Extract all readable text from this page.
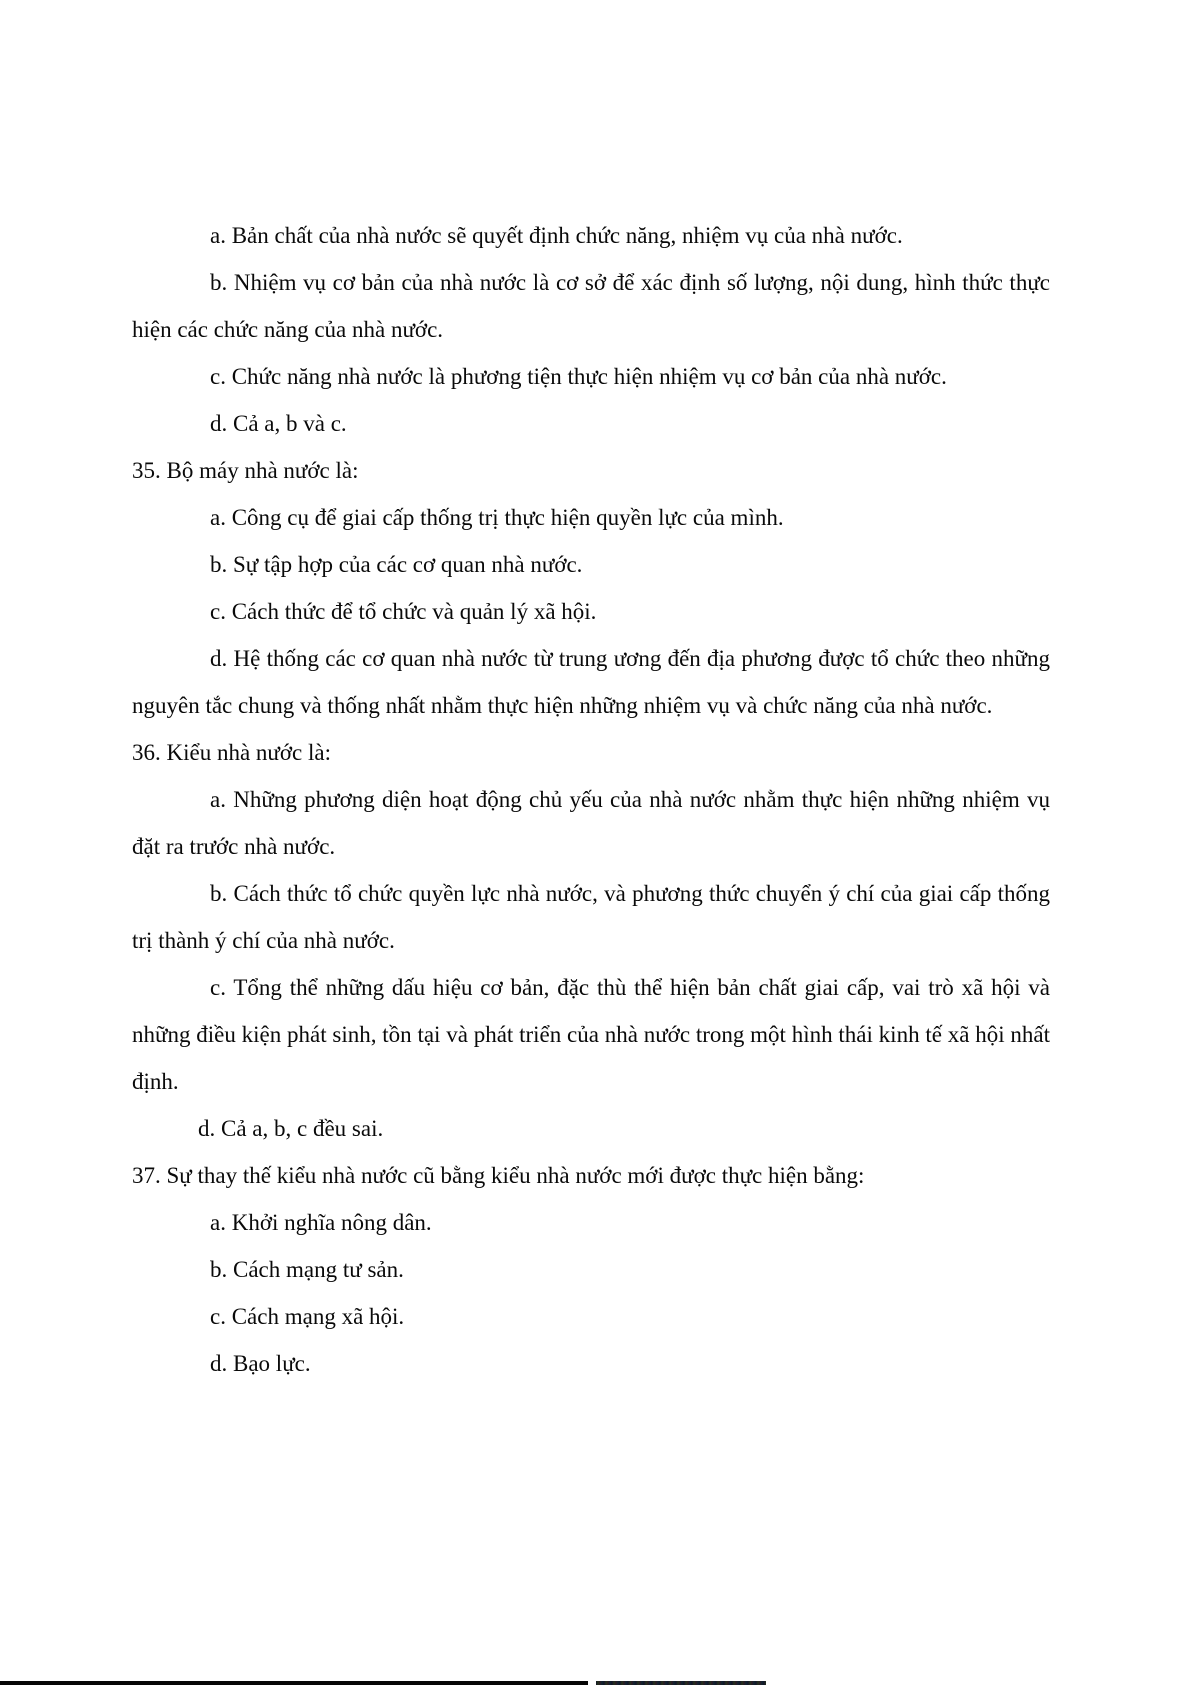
a. Bản chất của nhà nước sẽ quyết định chức năng, nhiệm vụ của nhà nước.

b. Nhiệm vụ cơ bản của nhà nước là cơ sở để xác định số lượng, nội dung, hình thức thực hiện các chức năng của nhà nước.

c. Chức năng nhà nước là phương tiện thực hiện nhiệm vụ cơ bản của nhà nước.

d. Cả a, b và c.

35. Bộ máy nhà nước là:

a. Công cụ để giai cấp thống trị thực hiện quyền lực của mình.

b. Sự tập hợp của các cơ quan nhà nước.

c. Cách thức để tổ chức và quản lý xã hội.

d. Hệ thống các cơ quan nhà nước từ trung ương đến địa phương được tổ chức theo những nguyên tắc chung và thống nhất nhằm thực hiện những nhiệm vụ và chức năng của nhà nước.

36. Kiểu nhà nước là:

a. Những phương diện hoạt động chủ yếu của nhà nước nhằm thực hiện những nhiệm vụ đặt ra trước nhà nước.

b. Cách thức tổ chức quyền lực nhà nước, và phương thức chuyển ý chí của giai cấp thống trị thành ý chí của nhà nước.

c. Tổng thể những dấu hiệu cơ bản, đặc thù thể hiện bản chất giai cấp, vai trò xã hội và những điều kiện phát sinh, tồn tại và phát triển của nhà nước trong một hình thái kinh tế xã hội nhất định.

d. Cả a, b, c đều sai.

37. Sự thay thế kiểu nhà nước cũ bằng kiểu nhà nước mới được thực hiện bằng:

a. Khởi nghĩa nông dân.

b. Cách mạng tư sản.

c. Cách mạng xã hội.

d. Bạo lực.
